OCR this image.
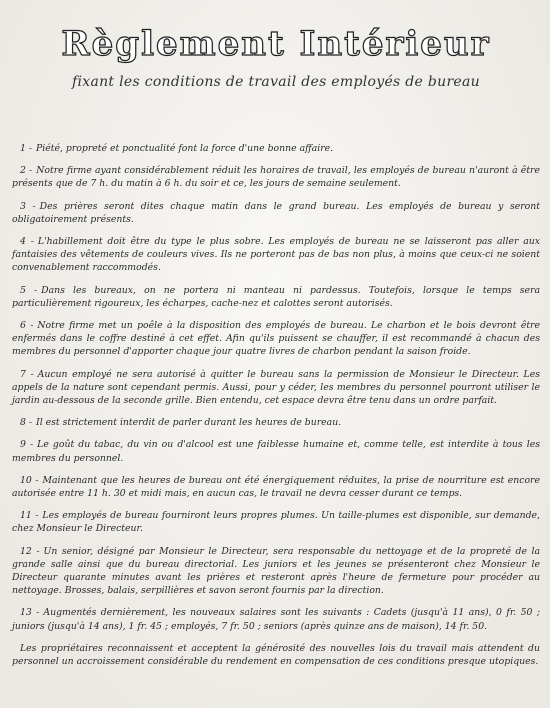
Règlement Intérieur
fixant les conditions de travail des employés de bureau

1 - Piété, propreté et ponctualité font la force d'une bonne affaire.

2 - Notre firme ayant considérablement réduit les horaires de travail, les employés de bureau n'auront à être présents que de 7 h. du matin à 6 h. du soir et ce, les jours de semaine seulement.

3 - Des prières seront dites chaque matin dans le grand bureau. Les employés de bureau y seront obligatoirement présents.

4 - L'habillement doit être du type le plus sobre. Les employés de bureau ne se laisseront pas aller aux fantaisies des vêtements de couleurs vives. Ils ne porteront pas de bas non plus, à moins que ceux-ci ne soient convenablement raccommodés.

5 - Dans les bureaux, on ne portera ni manteau ni pardessus. Toutefois, lorsque le temps sera particulièrement rigoureux, les écharpes, cache-nez et calottes seront autorisés.

6 - Notre firme met un poêle à la disposition des employés de bureau. Le charbon et le bois devront être enfermés dans le coffre destiné à cet effet. Afin qu'ils puissent se chauffer, il est recommandé à chacun des membres du personnel d'apporter chaque jour quatre livres de charbon pendant la saison froide.

7 - Aucun employé ne sera autorisé à quitter le bureau sans la permission de Monsieur le Directeur. Les appels de la nature sont cependant permis. Aussi, pour y céder, les membres du personnel pourront utiliser le jardin au-dessous de la seconde grille. Bien entendu, cet espace devra être tenu dans un ordre parfait.

8 - Il est strictement interdit de parler durant les heures de bureau.

9 - Le goût du tabac, du vin ou d'alcool est une faiblesse humaine et, comme telle, est interdite à tous les membres du personnel.

10 - Maintenant que les heures de bureau ont été énergiquement réduites, la prise de nourriture est encore autorisée entre 11 h. 30 et midi mais, en aucun cas, le travail ne devra cesser durant ce temps.

11 - Les employés de bureau fourniront leurs propres plumes. Un taille-plumes est disponible, sur demande, chez Monsieur le Directeur.

12 - Un senior, désigné par Monsieur le Directeur, sera responsable du nettoyage et de la propreté de la grande salle ainsi que du bureau directorial. Les juniors et les jeunes se présenteront chez Monsieur le Directeur quarante minutes avant les prières et resteront après l'heure de fermeture pour procéder au nettoyage. Brosses, balais, serpillières et savon seront fournis par la direction.

13 - Augmentés dernièrement, les nouveaux salaires sont les suivants : Cadets (jusqu'à 11 ans), 0 fr. 50 ; juniors (jusqu'à 14 ans), 1 fr. 45 ; employés, 7 fr. 50 ; seniors (après quinze ans de maison), 14 fr. 50.

Les propriétaires reconnaissent et acceptent la générosité des nouvelles lois du travail mais attendent du personnel un accroissement considérable du rendement en compensation de ces conditions presque utopiques.
